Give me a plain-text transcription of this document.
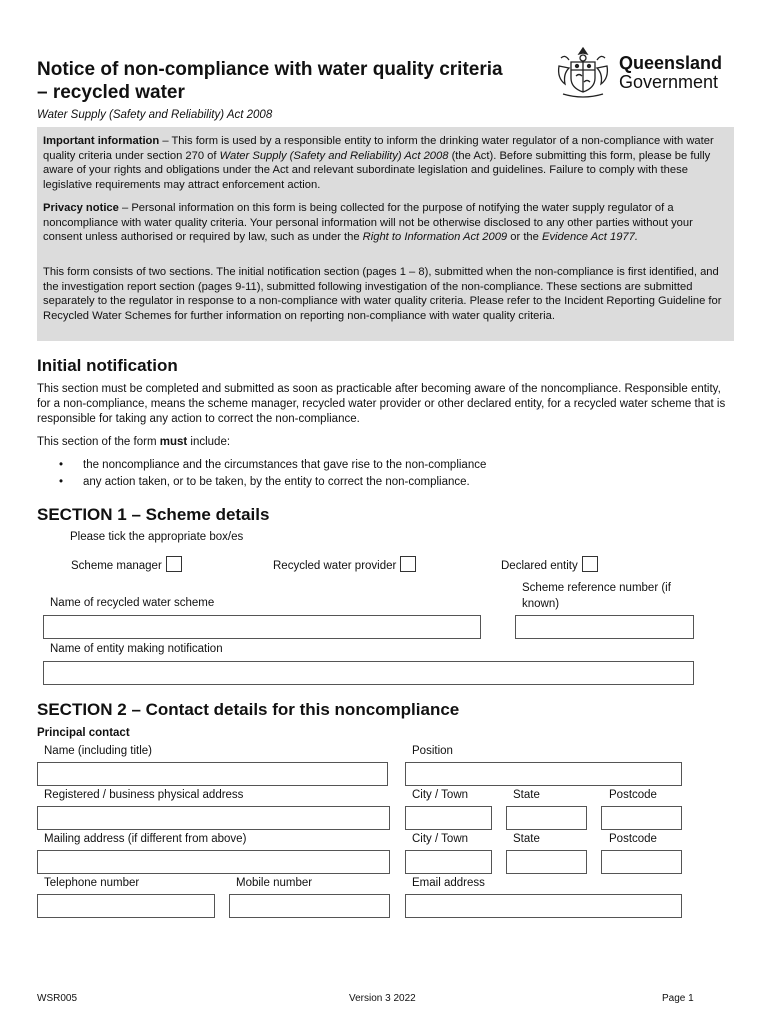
Notice of non-compliance with water quality criteria – recycled water
Water Supply (Safety and Reliability) Act 2008
Queensland
Government
Important information – This form is used by a responsible entity to inform the drinking water regulator of a non-compliance with water quality criteria under section 270 of Water Supply (Safety and Reliability) Act 2008 (the Act). Before submitting this form, please be fully aware of your rights and obligations under the Act and relevant subordinate legislation and guidelines. Failure to comply with these legislative requirements may attract enforcement action.
Privacy notice – Personal information on this form is being collected for the purpose of notifying the water supply regulator of a noncompliance with water quality criteria. Your personal information will not be otherwise disclosed to any other parties without your consent unless authorised or required by law, such as under the Right to Information Act 2009 or the Evidence Act 1977.
This form consists of two sections. The initial notification section (pages 1 – 8), submitted when the non-compliance is first identified, and the investigation report section (pages 9-11), submitted following investigation of the non-compliance. These sections are submitted separately to the regulator in response to a non-compliance with water quality criteria. Please refer to the Incident Reporting Guideline for Recycled Water Schemes for further information on reporting non-compliance with water quality criteria.
Initial notification
This section must be completed and submitted as soon as practicable after becoming aware of the noncompliance. Responsible entity, for a non-compliance, means the scheme manager, recycled water provider or other declared entity, for a recycled water scheme that is responsible for taking any action to correct the non-compliance.
This section of the form must include:
• the noncompliance and the circumstances that gave rise to the non-compliance
• any action taken, or to be taken, by the entity to correct the non-compliance.
SECTION 1 – Scheme details
Please tick the appropriate box/es
Scheme manager	Recycled water provider	Declared entity
Scheme reference number (if known)
Name of recycled water scheme
Name of entity making notification
SECTION 2 – Contact details for this noncompliance
Principal contact
Name (including title)	Position
Registered / business physical address	City / Town	State	Postcode
Mailing address (if different from above)	City / Town	State	Postcode
Telephone number	Mobile number	Email address
WSR005	Version 3 2022	Page 1
